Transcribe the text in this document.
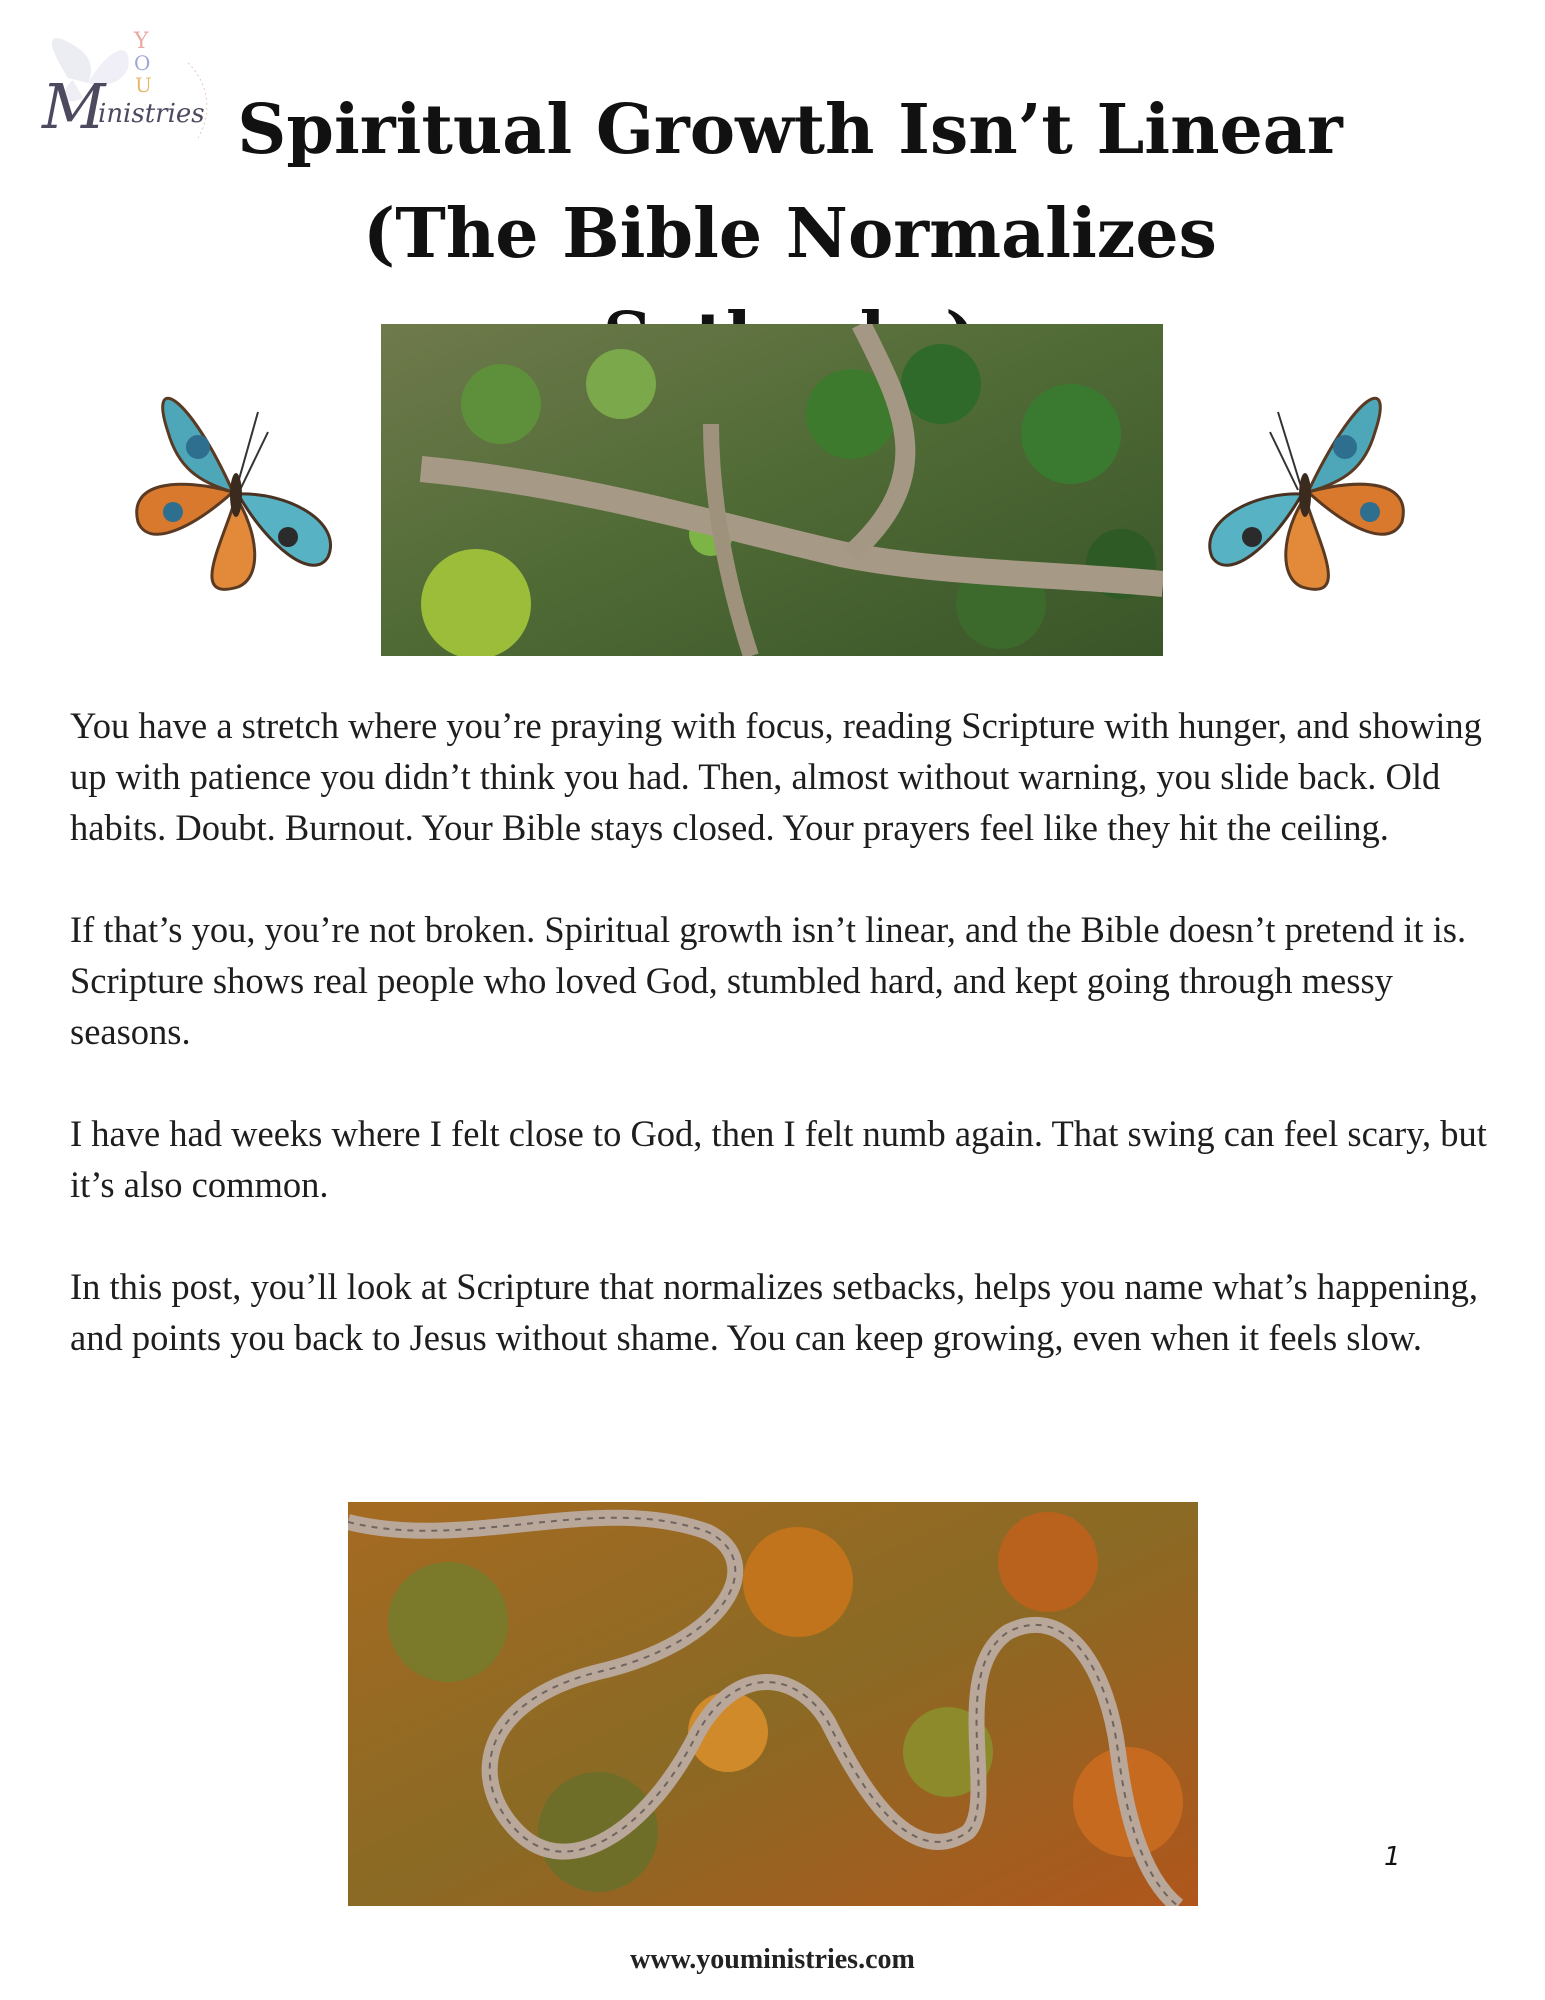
Y
O
U
M
inistries Spiritual Growth Isn’t Linear
(The Bible Normalizes

You have a stretch where you’re praying with focus, reading Scripture with hunger, and showing up with patience you didn’t think you had. Then, almost without warning, you slide back. Old habits. Doubt. Burnout. Your Bible stays closed. Your prayers feel like they hit the ceiling.

If that’s you, you’re not broken. Spiritual growth isn’t linear, and the Bible doesn’t pretend it is. Scripture shows real people who loved God, stumbled hard, and kept going through messy seasons.

I have had weeks where I felt close to God, then I felt numb again. That swing can feel scary, but it’s also common.

In this post, you’ll look at Scripture that normalizes setbacks, helps you name what’s happening, and points you back to Jesus without shame. You can keep growing, even when it feels slow.

1
www.youministries.com
